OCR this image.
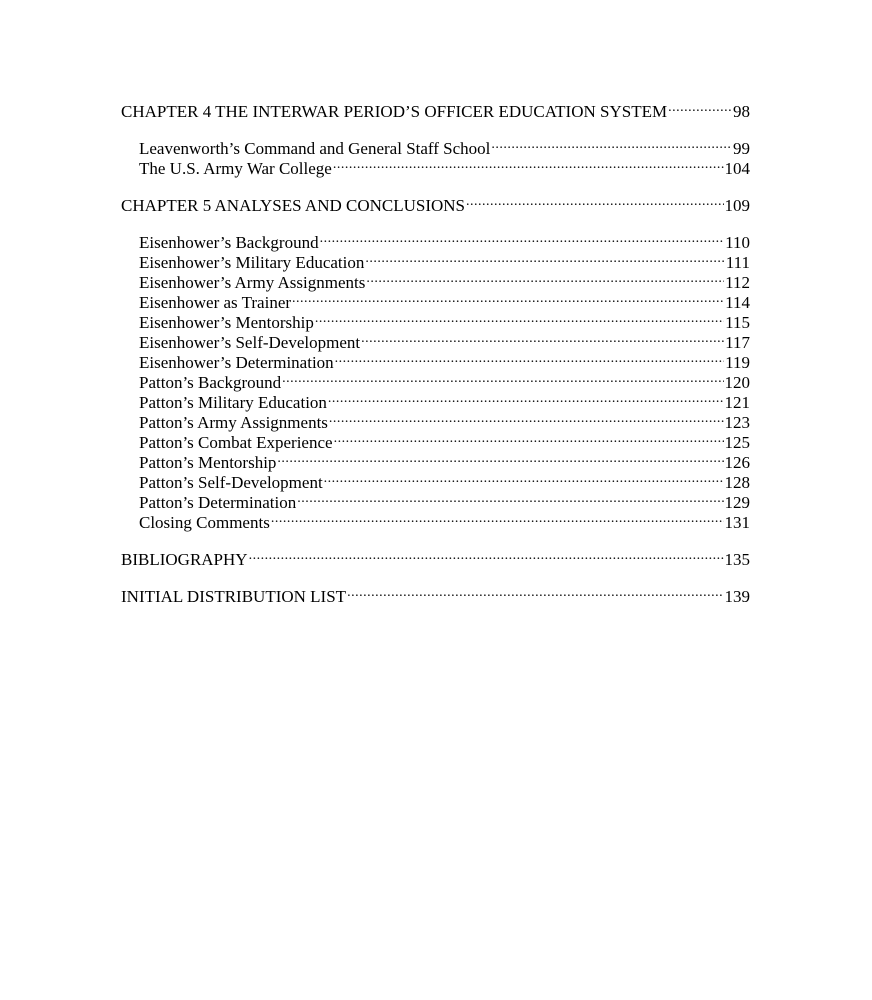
CHAPTER 4 THE INTERWAR PERIOD’S OFFICER EDUCATION SYSTEM .....	98
Leavenworth’s Command and General Staff School .....	99
The U.S. Army War College .....	104
CHAPTER 5 ANALYSES AND CONCLUSIONS .....	109
Eisenhower’s Background .....	110
Eisenhower’s Military Education .....	111
Eisenhower’s Army Assignments .....	112
Eisenhower as Trainer .....	114
Eisenhower’s Mentorship .....	115
Eisenhower’s Self-Development .....	117
Eisenhower’s Determination .....	119
Patton’s Background .....	120
Patton’s Military Education .....	121
Patton’s Army Assignments .....	123
Patton’s Combat Experience .....	125
Patton’s Mentorship .....	126
Patton’s Self-Development .....	128
Patton’s Determination .....	129
Closing Comments .....	131
BIBLIOGRAPHY .....	135
INITIAL DISTRIBUTION LIST .....	139
